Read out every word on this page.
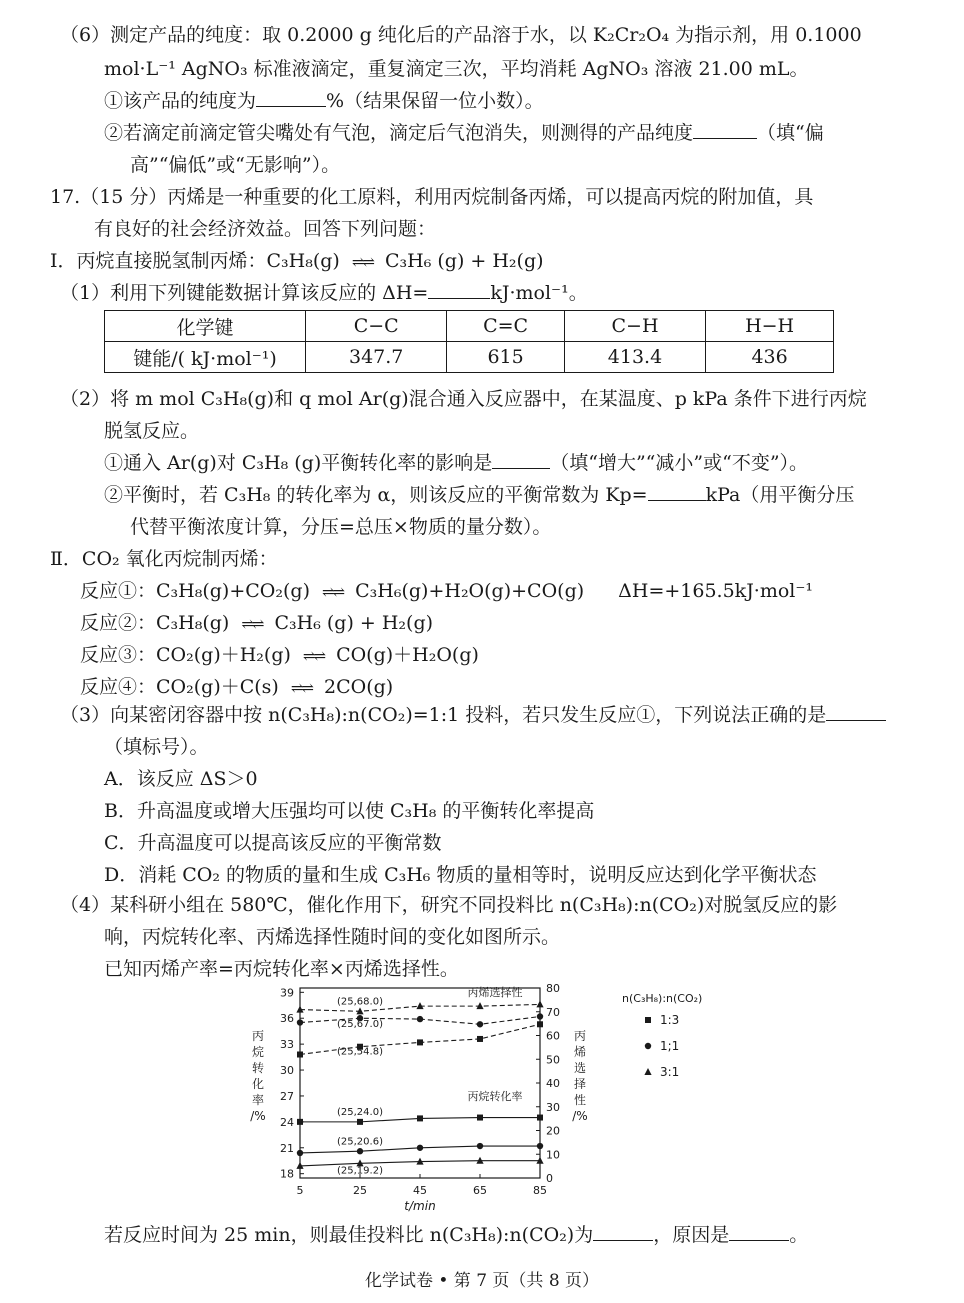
（6）测定产品的纯度：取 0.2000 g 纯化后的产品溶于水，以 K₂Cr₂O₄ 为指示剂，用 0.1000
mol·L⁻¹ AgNO₃ 标准液滴定，重复滴定三次，平均消耗 AgNO₃ 溶液 21.00 mL。
①该产品的纯度为	%（结果保留一位小数）。
②若滴定前滴定管尖嘴处有气泡，滴定后气泡消失，则测得的产品纯度	（填“偏
高”“偏低”或“无影响”）。
17.（15 分）丙烯是一种重要的化工原料，利用丙烷制备丙烯，可以提高丙烷的附加值，具
有良好的社会经济效益。回答下列问题：
I．丙烷直接脱氢制丙烯：C₃H₈(g) ⇌⇌ C₃H₆ (g) + H₂(g)
（1）利用下列键能数据计算该反应的 ΔH=	kJ·mol⁻¹。
化学键	C−C	C=C	C−H	H−H
键能/( kJ·mol⁻¹)	347.7	615	413.4	436
（2）将 m mol C₃H₈(g)和 q mol Ar(g)混合通入反应器中，在某温度、p kPa 条件下进行丙烷
脱氢反应。
①通入 Ar(g)对 C₃H₈ (g)平衡转化率的影响是	（填“增大”“减小”或“不变”）。
②平衡时，若 C₃H₈ 的转化率为 α，则该反应的平衡常数为 Kp=	kPa（用平衡分压
代替平衡浓度计算，分压=总压×物质的量分数）。
Ⅱ．CO₂ 氧化丙烷制丙烯：
反应①：C₃H₈(g)+CO₂(g) ⇌⇌ C₃H₆(g)+H₂O(g)+CO(g) ΔH=+165.5kJ·mol⁻¹
反应②：C₃H₈(g) ⇌⇌ C₃H₆ (g) + H₂(g)
反应③：CO₂(g)＋H₂(g) ⇌⇌ CO(g)＋H₂O(g)
反应④：CO₂(g)＋C(s) ⇌⇌ 2CO(g)
（3）向某密闭容器中按 n(C₃H₈):n(CO₂)=1:1 投料，若只发生反应①，下列说法正确的是
（填标号）。
A．该反应 ΔS＞0
B．升高温度或增大压强均可以使 C₃H₈ 的平衡转化率提高
C．升高温度可以提高该反应的平衡常数
D．消耗 CO₂ 的物质的量和生成 C₃H₆ 物质的量相等时，说明反应达到化学平衡状态
（4）某科研小组在 580℃，催化作用下，研究不同投料比 n(C₃H₈):n(CO₂)对脱氢反应的影
响，丙烷转化率、丙烯选择性随时间的变化如图所示。
已知丙烯产率=丙烷转化率×丙烯选择性。
5	25	45	65	85
t/min
18
21
24
27
30
33
36
39
0
10
20
30
40
50
60
70
80
丙
烷
转
化
率
/%
丙
烯
选
择
性
/%
(25,68.0)
(25,67.0)
(25,54.8)
(25,24.0)
(25,20.6)
(25,19.2)
丙烯选择性
丙烷转化率
n(C₃H₈):n(CO₂)
1:3
1;1
3:1
若反应时间为 25 min，则最佳投料比 n(C₃H₈):n(CO₂)为	，原因是	。
化学试卷 • 第 7 页（共 8 页）
